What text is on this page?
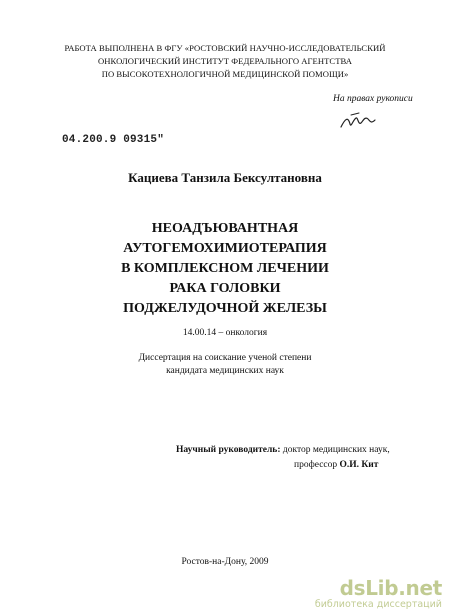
РАБОТА ВЫПОЛНЕНА В ФГУ «РОСТОВСКИЙ НАУЧНО-ИССЛЕДОВАТЕЛЬСКИЙ
ОНКОЛОГИЧЕСКИЙ ИНСТИТУТ ФЕДЕРАЛЬНОГО АГЕНТСТВА
ПО ВЫСОКОТЕХНОЛОГИЧНОЙ МЕДИЦИНСКОЙ ПОМОЩИ»
На правах рукописи
04.200.9 09315"
Кациева Танзила Бексултановна
НЕОАДЪЮВАНТНАЯ
АУТОГЕМОХИМИОТЕРАПИЯ
В КОМПЛЕКСНОМ ЛЕЧЕНИИ
РАКА ГОЛОВКИ
ПОДЖЕЛУДОЧНОЙ ЖЕЛЕЗЫ
14.00.14 – онкология
Диссертация на соискание ученой степени
кандидата медицинских наук
Научный руководитель: доктор медицинских наук,
профессор О.И. Кит
Ростов-на-Дону, 2009
dsLib.net
библиотека диссертаций
